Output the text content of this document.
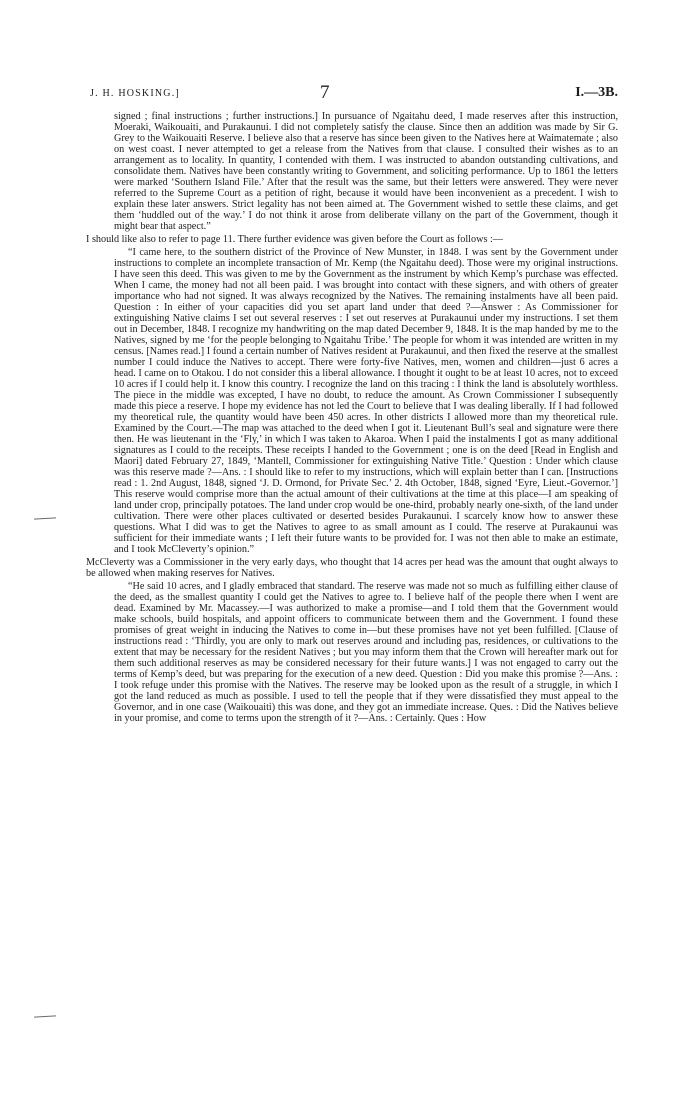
J. H. HOSKING.]	7	I.—3B.

signed ; final instructions ; further instructions.] In pursuance of Ngaitahu deed, I made reserves after this instruction, Moeraki, Waikouaiti, and Purakaunui. I did not completely satisfy the clause. Since then an addition was made by Sir G. Grey to the Waikouaiti Reserve. I believe also that a reserve has since been given to the Natives here at Waimatemate ; also on west coast. I never attempted to get a release from the Natives from that clause. I consulted their wishes as to an arrangement as to locality. In quantity, I contended with them. I was instructed to abandon outstanding cultivations, and consolidate them. Natives have been constantly writing to Government, and soliciting performance. Up to 1861 the letters were marked ‘Southern Island File.’ After that the result was the same, but their letters were answered. They were never referred to the Supreme Court as a petition of right, because it would have been inconvenient as a precedent. I wish to explain these later answers. Strict legality has not been aimed at. The Government wished to settle these claims, and get them ‘huddled out of the way.’ I do not think it arose from deliberate villany on the part of the Government, though it might bear that aspect.”

I should like also to refer to page 11. There further evidence was given before the Court as follows :—

“I came here, to the southern district of the Province of New Munster, in 1848. I was sent by the Government under instructions to complete an incomplete transaction of Mr. Kemp (the Ngaitahu deed). Those were my original instructions. I have seen this deed. This was given to me by the Government as the instrument by which Kemp’s purchase was effected. When I came, the money had not all been paid. I was brought into contact with these signers, and with others of greater importance who had not signed. It was always recognized by the Natives. The remaining instalments have all been paid. Question : In either of your capacities did you set apart land under that deed ?—Answer : As Commissioner for extinguishing Native claims I set out several reserves : I set out reserves at Purakaunui under my instructions. I set them out in December, 1848. I recognize my handwriting on the map dated December 9, 1848. It is the map handed by me to the Natives, signed by me ‘for the people belonging to Ngaitahu Tribe.’ The people for whom it was intended are written in my census. [Names read.] I found a certain number of Natives resident at Purakaunui, and then fixed the reserve at the smallest number I could induce the Natives to accept. There were forty-five Natives, men, women and children—just 6 acres a head. I came on to Otakou. I do not consider this a liberal allowance. I thought it ought to be at least 10 acres, not to exceed 10 acres if I could help it. I know this country. I recognize the land on this tracing : I think the land is absolutely worthless. The piece in the middle was excepted, I have no doubt, to reduce the amount. As Crown Commissioner I subsequently made this piece a reserve. I hope my evidence has not led the Court to believe that I was dealing liberally. If I had followed my theoretical rule, the quantity would have been 450 acres. In other districts I allowed more than my theoretical rule. Examined by the Court.—The map was attached to the deed when I got it. Lieutenant Bull’s seal and signature were there then. He was lieutenant in the ‘Fly,’ in which I was taken to Akaroa. When I paid the instalments I got as many additional signatures as I could to the receipts. These receipts I handed to the Government ; one is on the deed [Read in English and Maori] dated February 27, 1849, ‘Mantell, Commissioner for extinguishing Native Title.’ Question : Under which clause was this reserve made ?—Ans. : I should like to refer to my instructions, which will explain better than I can. [Instructions read : 1. 2nd August, 1848, signed ‘J. D. Ormond, for Private Sec.’ 2. 4th October, 1848, signed ‘Eyre, Lieut.-Governor.’] This reserve would comprise more than the actual amount of their cultivations at the time at this place—I am speaking of land under crop, principally potatoes. The land under crop would be one-third, probably nearly one-sixth, of the land under cultivation. There were other places cultivated or deserted besides Purakaunui. I scarcely know how to answer these questions. What I did was to get the Natives to agree to as small amount as I could. The reserve at Purakaunui was sufficient for their immediate wants ; I left their future wants to be provided for. I was not then able to make an estimate, and I took McCleverty’s opinion.”

McCleverty was a Commissioner in the very early days, who thought that 14 acres per head was the amount that ought always to be allowed when making reserves for Natives.

“He said 10 acres, and I gladly embraced that standard. The reserve was made not so much as fulfilling either clause of the deed, as the smallest quantity I could get the Natives to agree to. I believe half of the people there when I went are dead. Examined by Mr. Macassey.—I was authorized to make a promise—and I told them that the Government would make schools, build hospitals, and appoint officers to communicate between them and the Government. I found these promises of great weight in inducing the Natives to come in—but these promises have not yet been fulfilled. [Clause of instructions read : ‘Thirdly, you are only to mark out reserves around and including pas, residences, or cultivations to the extent that may be necessary for the resident Natives ; but you may inform them that the Crown will hereafter mark out for them such additional reserves as may be considered necessary for their future wants.] I was not engaged to carry out the terms of Kemp’s deed, but was preparing for the execution of a new deed. Question : Did you make this promise ?—Ans. : I took refuge under this promise with the Natives. The reserve may be looked upon as the result of a struggle, in which I got the land reduced as much as possible. I used to tell the people that if they were dissatisfied they must appeal to the Governor, and in one case (Waikouaiti) this was done, and they got an immediate increase. Ques. : Did the Natives believe in your promise, and come to terms upon the strength of it ?—Ans. : Certainly. Ques : How
